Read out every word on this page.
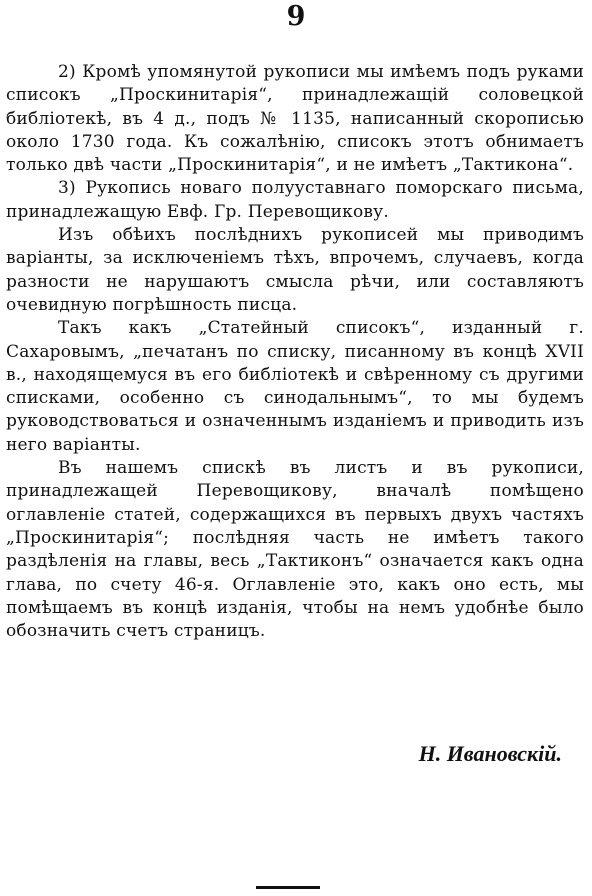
9

2) Кромѣ упомянутой рукописи мы имѣемъ подъ руками списокъ „Проскинитарія“, принадлежащій соловецкой библіотекѣ, въ 4 д., подъ № 1135, написанный скорописью около 1730 года. Къ сожалѣнію, списокъ этотъ обнимаетъ только двѣ части „Проскинитарія“, и не имѣетъ „Тактикона“.

3) Рукопись новаго полууставнаго поморскаго письма, принадлежащую Евф. Гр. Перевощикову.

Изъ обѣихъ послѣднихъ рукописей мы приводимъ варіанты, за исключеніемъ тѣхъ, впрочемъ, случаевъ, когда разности не нарушаютъ смысла рѣчи, или составляютъ очевидную погрѣшность писца.

Такъ какъ „Статейный списокъ“, изданный г. Сахаровымъ, „печатанъ по списку, писанному въ концѣ XVII в., находящемуся въ его библіотекѣ и свѣренному съ другими списками, особенно съ синодальнымъ“, то мы будемъ руководствоваться и означеннымъ изданіемъ и приводить изъ него варіанты.

Въ нашемъ спискѣ въ листъ и въ рукописи, принадлежащей Перевощикову, вначалѣ помѣщено оглавленіе статей, содержащихся въ первыхъ двухъ частяхъ „Проскинитарія“; послѣдняя часть не имѣетъ такого раздѣленія на главы, весь „Тактиконъ“ означается какъ одна глава, по счету 46-я. Оглавленіе это, какъ оно есть, мы помѣщаемъ въ концѣ изданія, чтобы на немъ удобнѣе было обозначить счетъ страницъ.

Н. Ивановскій.
